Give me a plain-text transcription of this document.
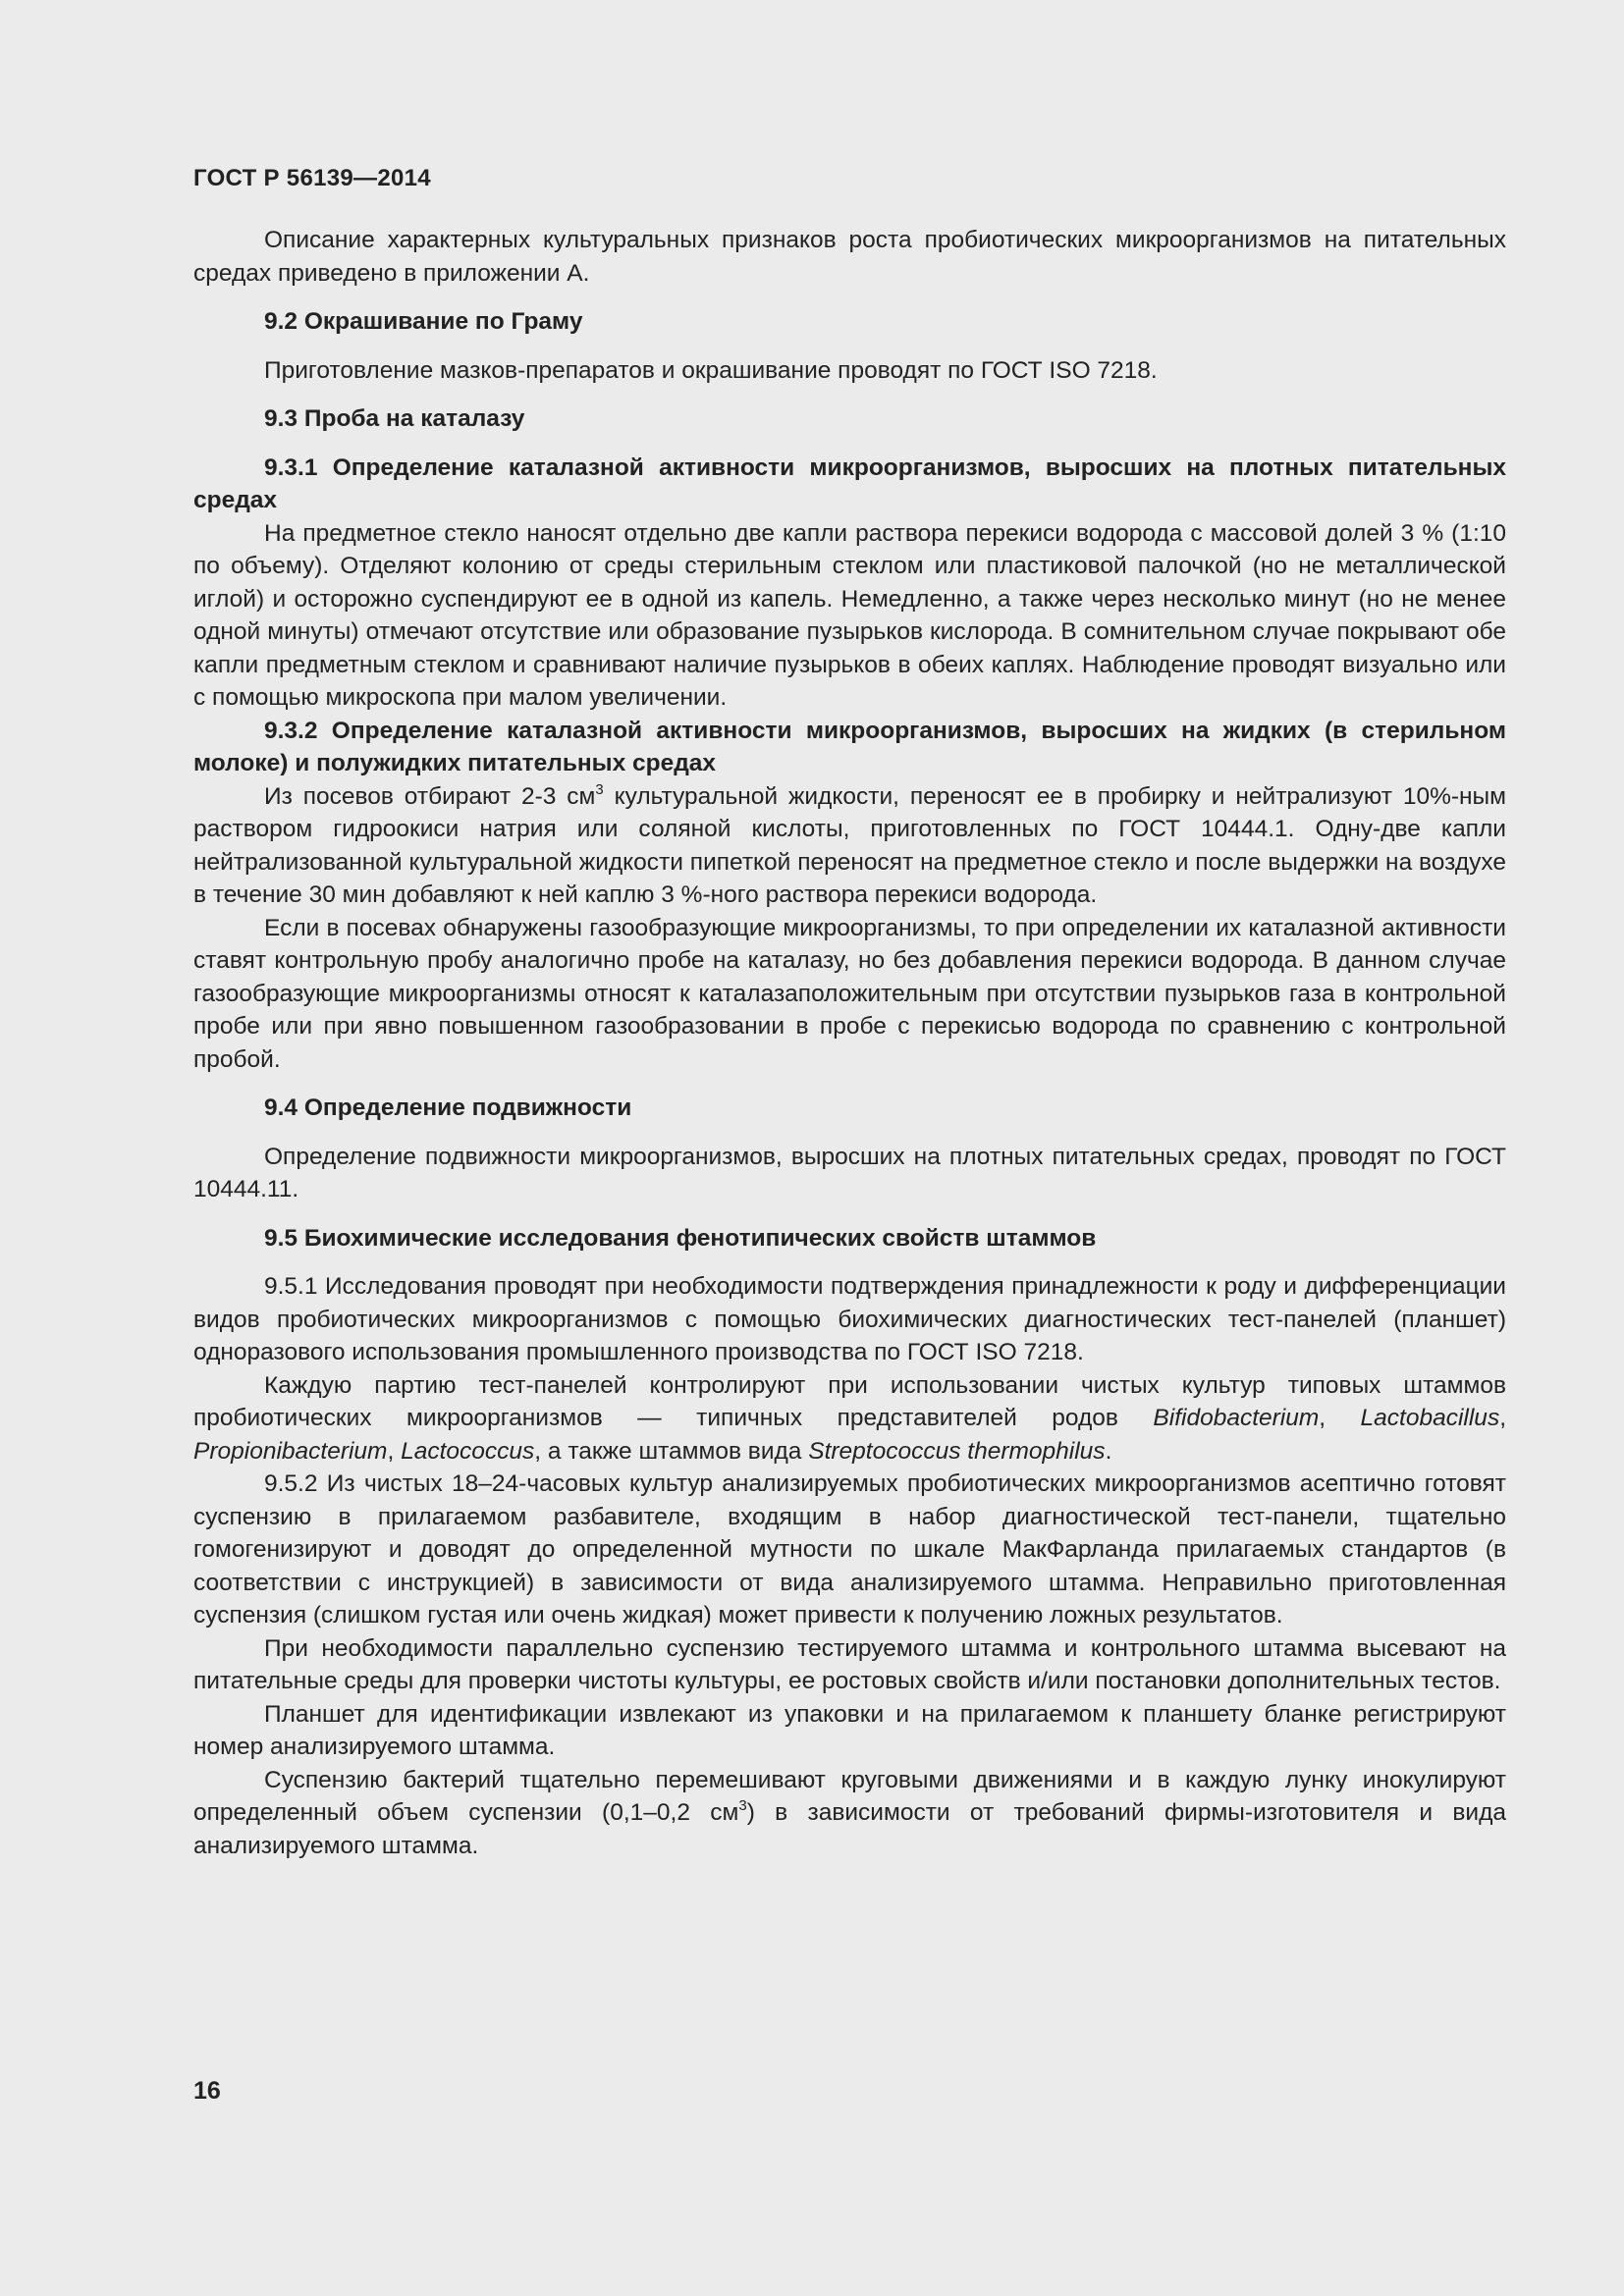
ГОСТ Р 56139—2014

Описание характерных культуральных признаков роста пробиотических микроорганизмов на питательных средах приведено в приложении А.

9.2 Окрашивание по Граму

Приготовление мазков-препаратов и окрашивание проводят по ГОСТ ISO 7218.

9.3 Проба на каталазу

9.3.1 Определение каталазной активности микроорганизмов, выросших на плотных питательных средах

На предметное стекло наносят отдельно две капли раствора перекиси водорода с массовой долей 3 % (1:10 по объему). Отделяют колонию от среды стерильным стеклом или пластиковой палочкой (но не металлической иглой) и осторожно суспендируют ее в одной из капель. Немедленно, а также через несколько минут (но не менее одной минуты) отмечают отсутствие или образование пузырьков кислорода. В сомнительном случае покрывают обе капли предметным стеклом и сравнивают наличие пузырьков в обеих каплях. Наблюдение проводят визуально или с помощью микроскопа при малом увеличении.

9.3.2 Определение каталазной активности микроорганизмов, выросших на жидких (в стерильном молоке) и полужидких питательных средах

Из посевов отбирают 2-3 $см^3$ культуральной жидкости, переносят ее в пробирку и нейтрализуют 10%-ным раствором гидроокиси натрия или соляной кислоты, приготовленных по ГОСТ 10444.1. Одну-две капли нейтрализованной культуральной жидкости пипеткой переносят на предметное стекло и после выдержки на воздухе в течение 30 мин добавляют к ней каплю 3 %-ного раствора перекиси водорода.

Если в посевах обнаружены газообразующие микроорганизмы, то при определении их каталазной активности ставят контрольную пробу аналогично пробе на каталазу, но без добавления перекиси водорода. В данном случае газообразующие микроорганизмы относят к каталазаположительным при отсутствии пузырьков газа в контрольной пробе или при явно повышенном газообразовании в пробе с перекисью водорода по сравнению с контрольной пробой.

9.4 Определение подвижности

Определение подвижности микроорганизмов, выросших на плотных питательных средах, проводят по ГОСТ 10444.11.

9.5 Биохимические исследования фенотипических свойств штаммов

9.5.1 Исследования проводят при необходимости подтверждения принадлежности к роду и дифференциации видов пробиотических микроорганизмов с помощью биохимических диагностических тест-панелей (планшет) одноразового использования промышленного производства по ГОСТ ISO 7218.

Каждую партию тест-панелей контролируют при использовании чистых культур типовых штаммов пробиотических микроорганизмов — типичных представителей родов Bifidobacterium, Lactobacillus, Propionibacterium, Lactococcus, а также штаммов вида Streptococcus thermophilus.

9.5.2 Из чистых 18–24-часовых культур анализируемых пробиотических микроорганизмов асептично готовят суспензию в прилагаемом разбавителе, входящим в набор диагностической тест-панели, тщательно гомогенизируют и доводят до определенной мутности по шкале МакФарланда прилагаемых стандартов (в соответствии с инструкцией) в зависимости от вида анализируемого штамма. Неправильно приготовленная суспензия (слишком густая или очень жидкая) может привести к получению ложных результатов.

При необходимости параллельно суспензию тестируемого штамма и контрольного штамма высевают на питательные среды для проверки чистоты культуры, ее ростовых свойств и/или постановки дополнительных тестов.

Планшет для идентификации извлекают из упаковки и на прилагаемом к планшету бланке регистрируют номер анализируемого штамма.

Суспензию бактерий тщательно перемешивают круговыми движениями и в каждую лунку инокулируют определенный объем суспензии (0,1–0,2 $см^3$) в зависимости от требований фирмы-изготовителя и вида анализируемого штамма.

16
